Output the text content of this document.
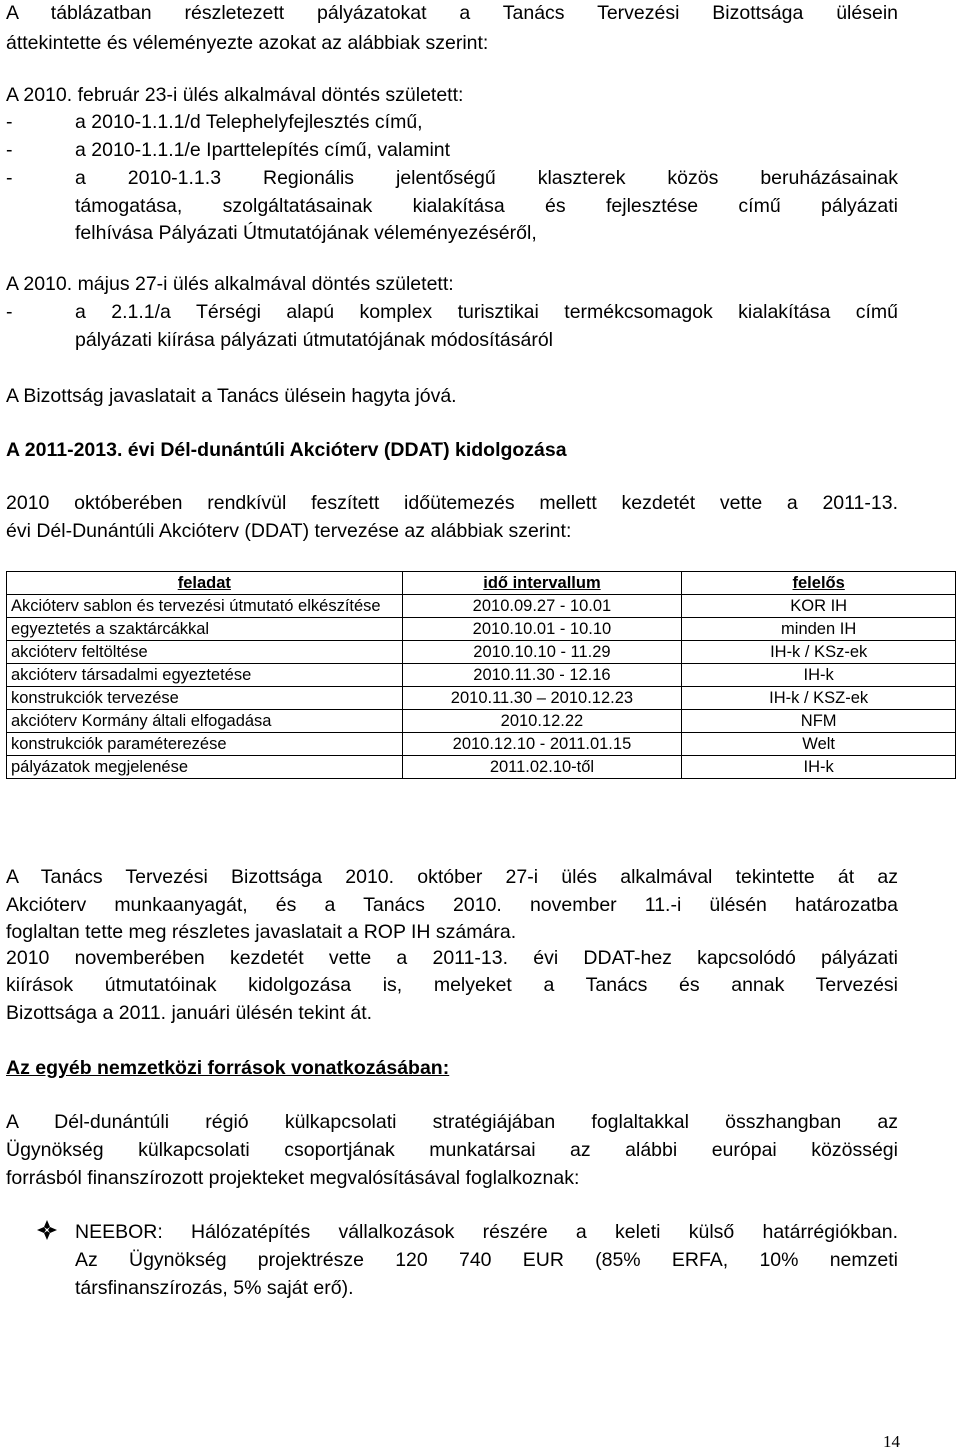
A táblázatban részletezett pályázatokat a Tanács Tervezési Bizottsága ülésein
áttekintette és véleményezte azokat az alábbiak szerint:
A 2010. február 23-i ülés alkalmával döntés született:
-	a 2010-1.1.1/d Telephelyfejlesztés című,
-	a 2010-1.1.1/e Iparttelepítés című, valamint
-	a 2010-1.1.3 Regionális jelentőségű klaszterek közös beruházásainak
támogatása, szolgáltatásainak kialakítása és fejlesztése című pályázati
felhívása Pályázati Útmutatójának véleményezéséről,
A 2010. május 27-i ülés alkalmával döntés született:
-	a 2.1.1/a Térségi alapú komplex turisztikai termékcsomagok kialakítása című
pályázati kiírása pályázati útmutatójának módosításáról
A Bizottság javaslatait a Tanács ülésein hagyta jóvá.
A 2011-2013. évi Dél-dunántúli Akcióterv (DDAT) kidolgozása
2010 októberében rendkívül feszített időütemezés mellett kezdetét vette a 2011-13.
évi Dél-Dunántúli Akcióterv (DDAT) tervezése az alábbiak szerint:
feladat	idő intervallum	felelős
Akcióterv sablon és tervezési útmutató elkészítése	2010.09.27 - 10.01	KOR IH
egyeztetés a szaktárcákkal	2010.10.01 - 10.10	minden IH
akcióterv feltöltése	2010.10.10 - 11.29	IH-k / KSz-ek
akcióterv társadalmi egyeztetése	2010.11.30 - 12.16	IH-k
konstrukciók tervezése	2010.11.30 – 2010.12.23	IH-k / KSZ-ek
akcióterv Kormány általi elfogadása	2010.12.22	NFM
konstrukciók paraméterezése	2010.12.10 - 2011.01.15	Welt
pályázatok megjelenése	2011.02.10-től	IH-k
A Tanács Tervezési Bizottsága 2010. október 27-i ülés alkalmával tekintette át az
Akcióterv munkaanyagát, és a Tanács 2010. november 11.-i ülésén határozatba
foglaltan tette meg részletes javaslatait a ROP IH számára.
2010 novemberében kezdetét vette a 2011-13. évi DDAT-hez kapcsolódó pályázati
kiírások útmutatóinak kidolgozása is, melyeket a Tanács és annak Tervezési
Bizottsága a 2011. januári ülésén tekint át.
Az egyéb nemzetközi források vonatkozásában:
A Dél-dunántúli régió külkapcsolati stratégiájában foglaltakkal összhangban az
Ügynökség külkapcsolati csoportjának munkatársai az alábbi európai közösségi
forrásból finanszírozott projekteket megvalósításával foglalkoznak:
NEEBOR: Hálózatépítés vállalkozások részére a keleti külső határrégiókban.
Az Ügynökség projektrésze 120 740 EUR (85% ERFA, 10% nemzeti
társfinanszírozás, 5% saját erő).
14
